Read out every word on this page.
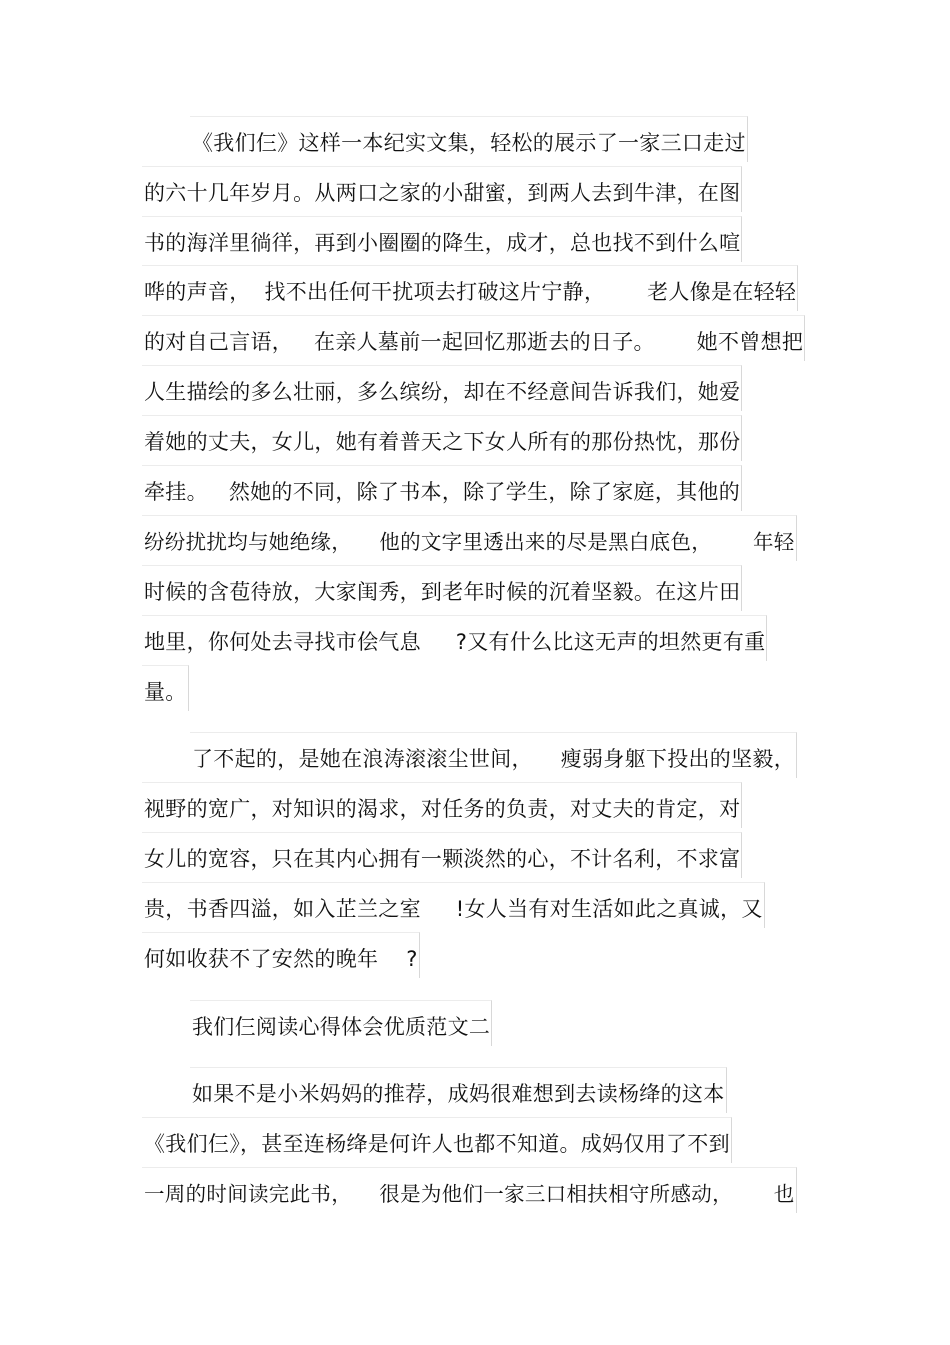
《我们仨》这样一本纪实文集，轻松的展示了一家三口走过
的六十几年岁月。从两口之家的小甜蜜，到两人去到牛津，在图
书的海洋里徜徉，再到小圈圈的降生，成才，总也找不到什么喧
哗的声音，  找不出任何干扰项去打破这片宁静，      老人像是在轻轻
的对自己言语，   在亲人墓前一起回忆那逝去的日子。      她不曾想把
人生描绘的多么壮丽，多么缤纷，却在不经意间告诉我们，她爱
着她的丈夫，女儿，她有着普天之下女人所有的那份热忱，那份
牵挂。   然她的不同，除了书本，除了学生，除了家庭，其他的
纷纷扰扰均与她绝缘，    他的文字里透出来的尽是黑白底色，      年轻
时候的含苞待放，大家闺秀，到老年时候的沉着坚毅。在这片田
地里，你何处去寻找市侩气息     ?又有什么比这无声的坦然更有重
量。
了不起的，是她在浪涛滚滚尘世间，    瘦弱身躯下投出的坚毅，
视野的宽广，对知识的渴求，对任务的负责，对丈夫的肯定，对
女儿的宽容，只在其内心拥有一颗淡然的心，不计名利，不求富
贵，书香四溢，如入芷兰之室     !女人当有对生活如此之真诚，又
何如收获不了安然的晚年    ?
我们仨阅读心得体会优质范文二
如果不是小米妈妈的推荐，成妈很难想到去读杨绛的这本
《我们仨》，甚至连杨绛是何许人也都不知道。成妈仅用了不到
一周的时间读完此书，    很是为他们一家三口相扶相守所感动，      也
